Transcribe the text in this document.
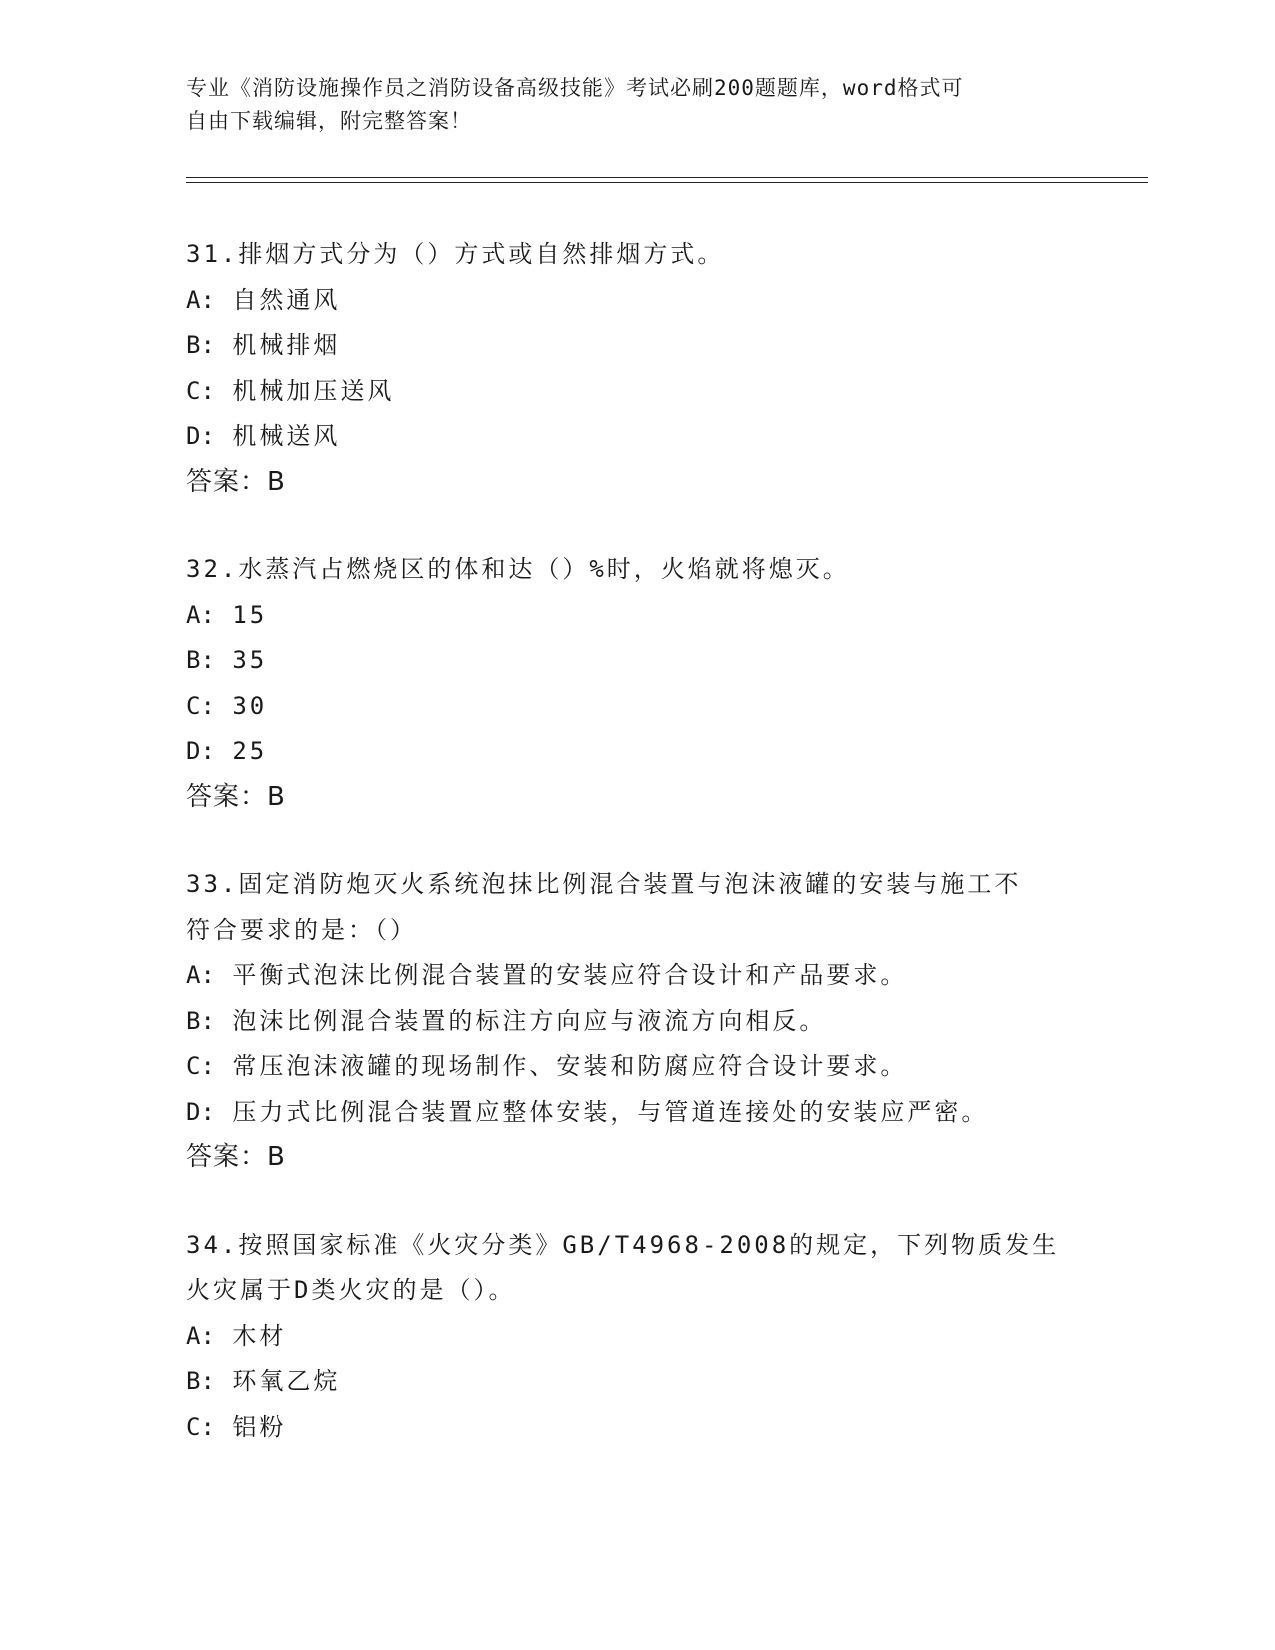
专业《消防设施操作员之消防设备高级技能》考试必刷200题题库，word格式可
自由下载编辑，附完整答案！
31.排烟方式分为（）方式或自然排烟方式。
A: 自然通风
B: 机械排烟
C: 机械加压送风
D: 机械送风
答案：B
32.水蒸汽占燃烧区的体和达（）%时，火焰就将熄灭。
A: 15
B: 35
C: 30
D: 25
答案：B
33.固定消防炮灭火系统泡抹比例混合装置与泡沫液罐的安装与施工不
符合要求的是：（）
A: 平衡式泡沫比例混合装置的安装应符合设计和产品要求。
B: 泡沫比例混合装置的标注方向应与液流方向相反。
C: 常压泡沫液罐的现场制作、安装和防腐应符合设计要求。
D: 压力式比例混合装置应整体安装，与管道连接处的安装应严密。
答案：B
34.按照国家标准《火灾分类》GB/T4968-2008的规定，下列物质发生
火灾属于D类火灾的是（）。
A: 木材
B: 环氧乙烷
C: 铝粉
